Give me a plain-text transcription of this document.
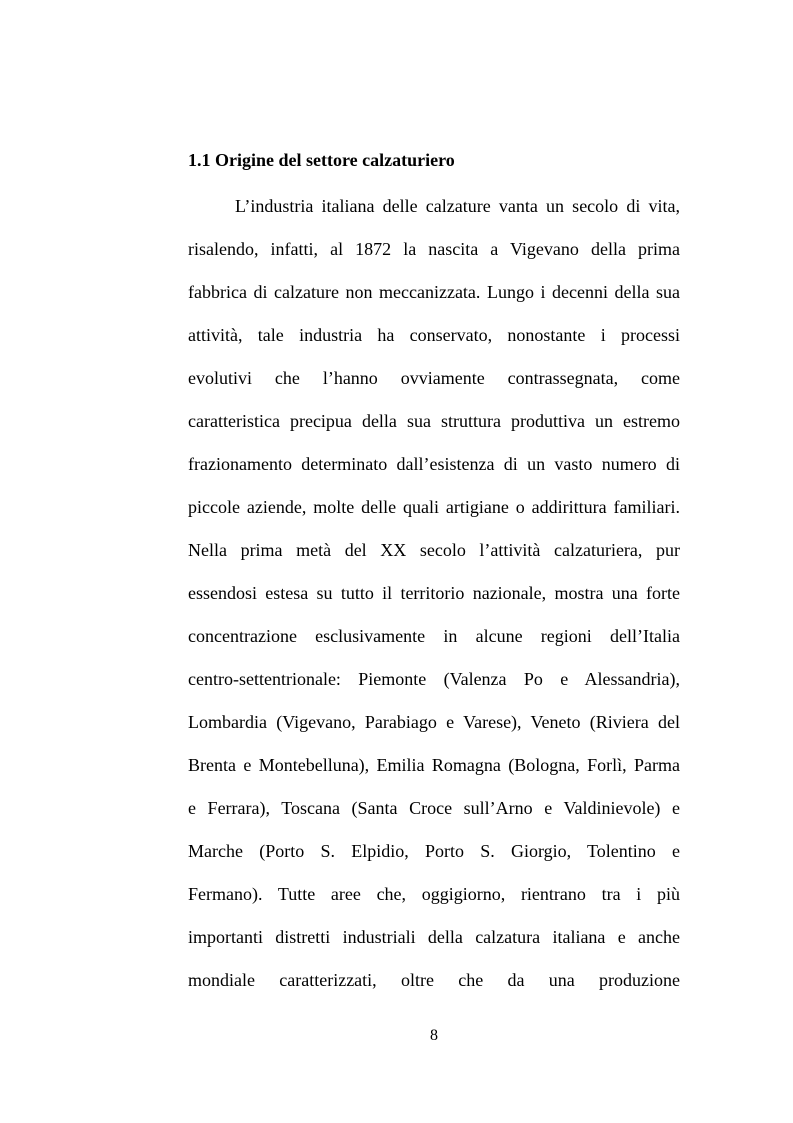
1.1 Origine del settore calzaturiero
L’industria italiana delle calzature vanta un secolo di vita,
risalendo, infatti, al 1872 la nascita a Vigevano della prima
fabbrica di calzature non meccanizzata. Lungo i decenni della sua
attività, tale industria ha conservato, nonostante i processi
evolutivi che l’hanno ovviamente contrassegnata, come
caratteristica precipua della sua struttura produttiva un estremo
frazionamento determinato dall’esistenza di un vasto numero di
piccole aziende, molte delle quali artigiane o addirittura familiari.
Nella prima metà del XX secolo l’attività calzaturiera, pur
essendosi estesa su tutto il territorio nazionale, mostra una forte
concentrazione esclusivamente in alcune regioni dell’Italia
centro-settentrionale: Piemonte (Valenza Po e Alessandria),
Lombardia (Vigevano, Parabiago e Varese), Veneto (Riviera del
Brenta e Montebelluna), Emilia Romagna (Bologna, Forlì, Parma
e Ferrara), Toscana (Santa Croce sull’Arno e Valdinievole) e
Marche (Porto S. Elpidio, Porto S. Giorgio, Tolentino e
Fermano). Tutte aree che, oggigiorno, rientrano tra i più
importanti distretti industriali della calzatura italiana e anche
mondiale caratterizzati, oltre che da una produzione
8
